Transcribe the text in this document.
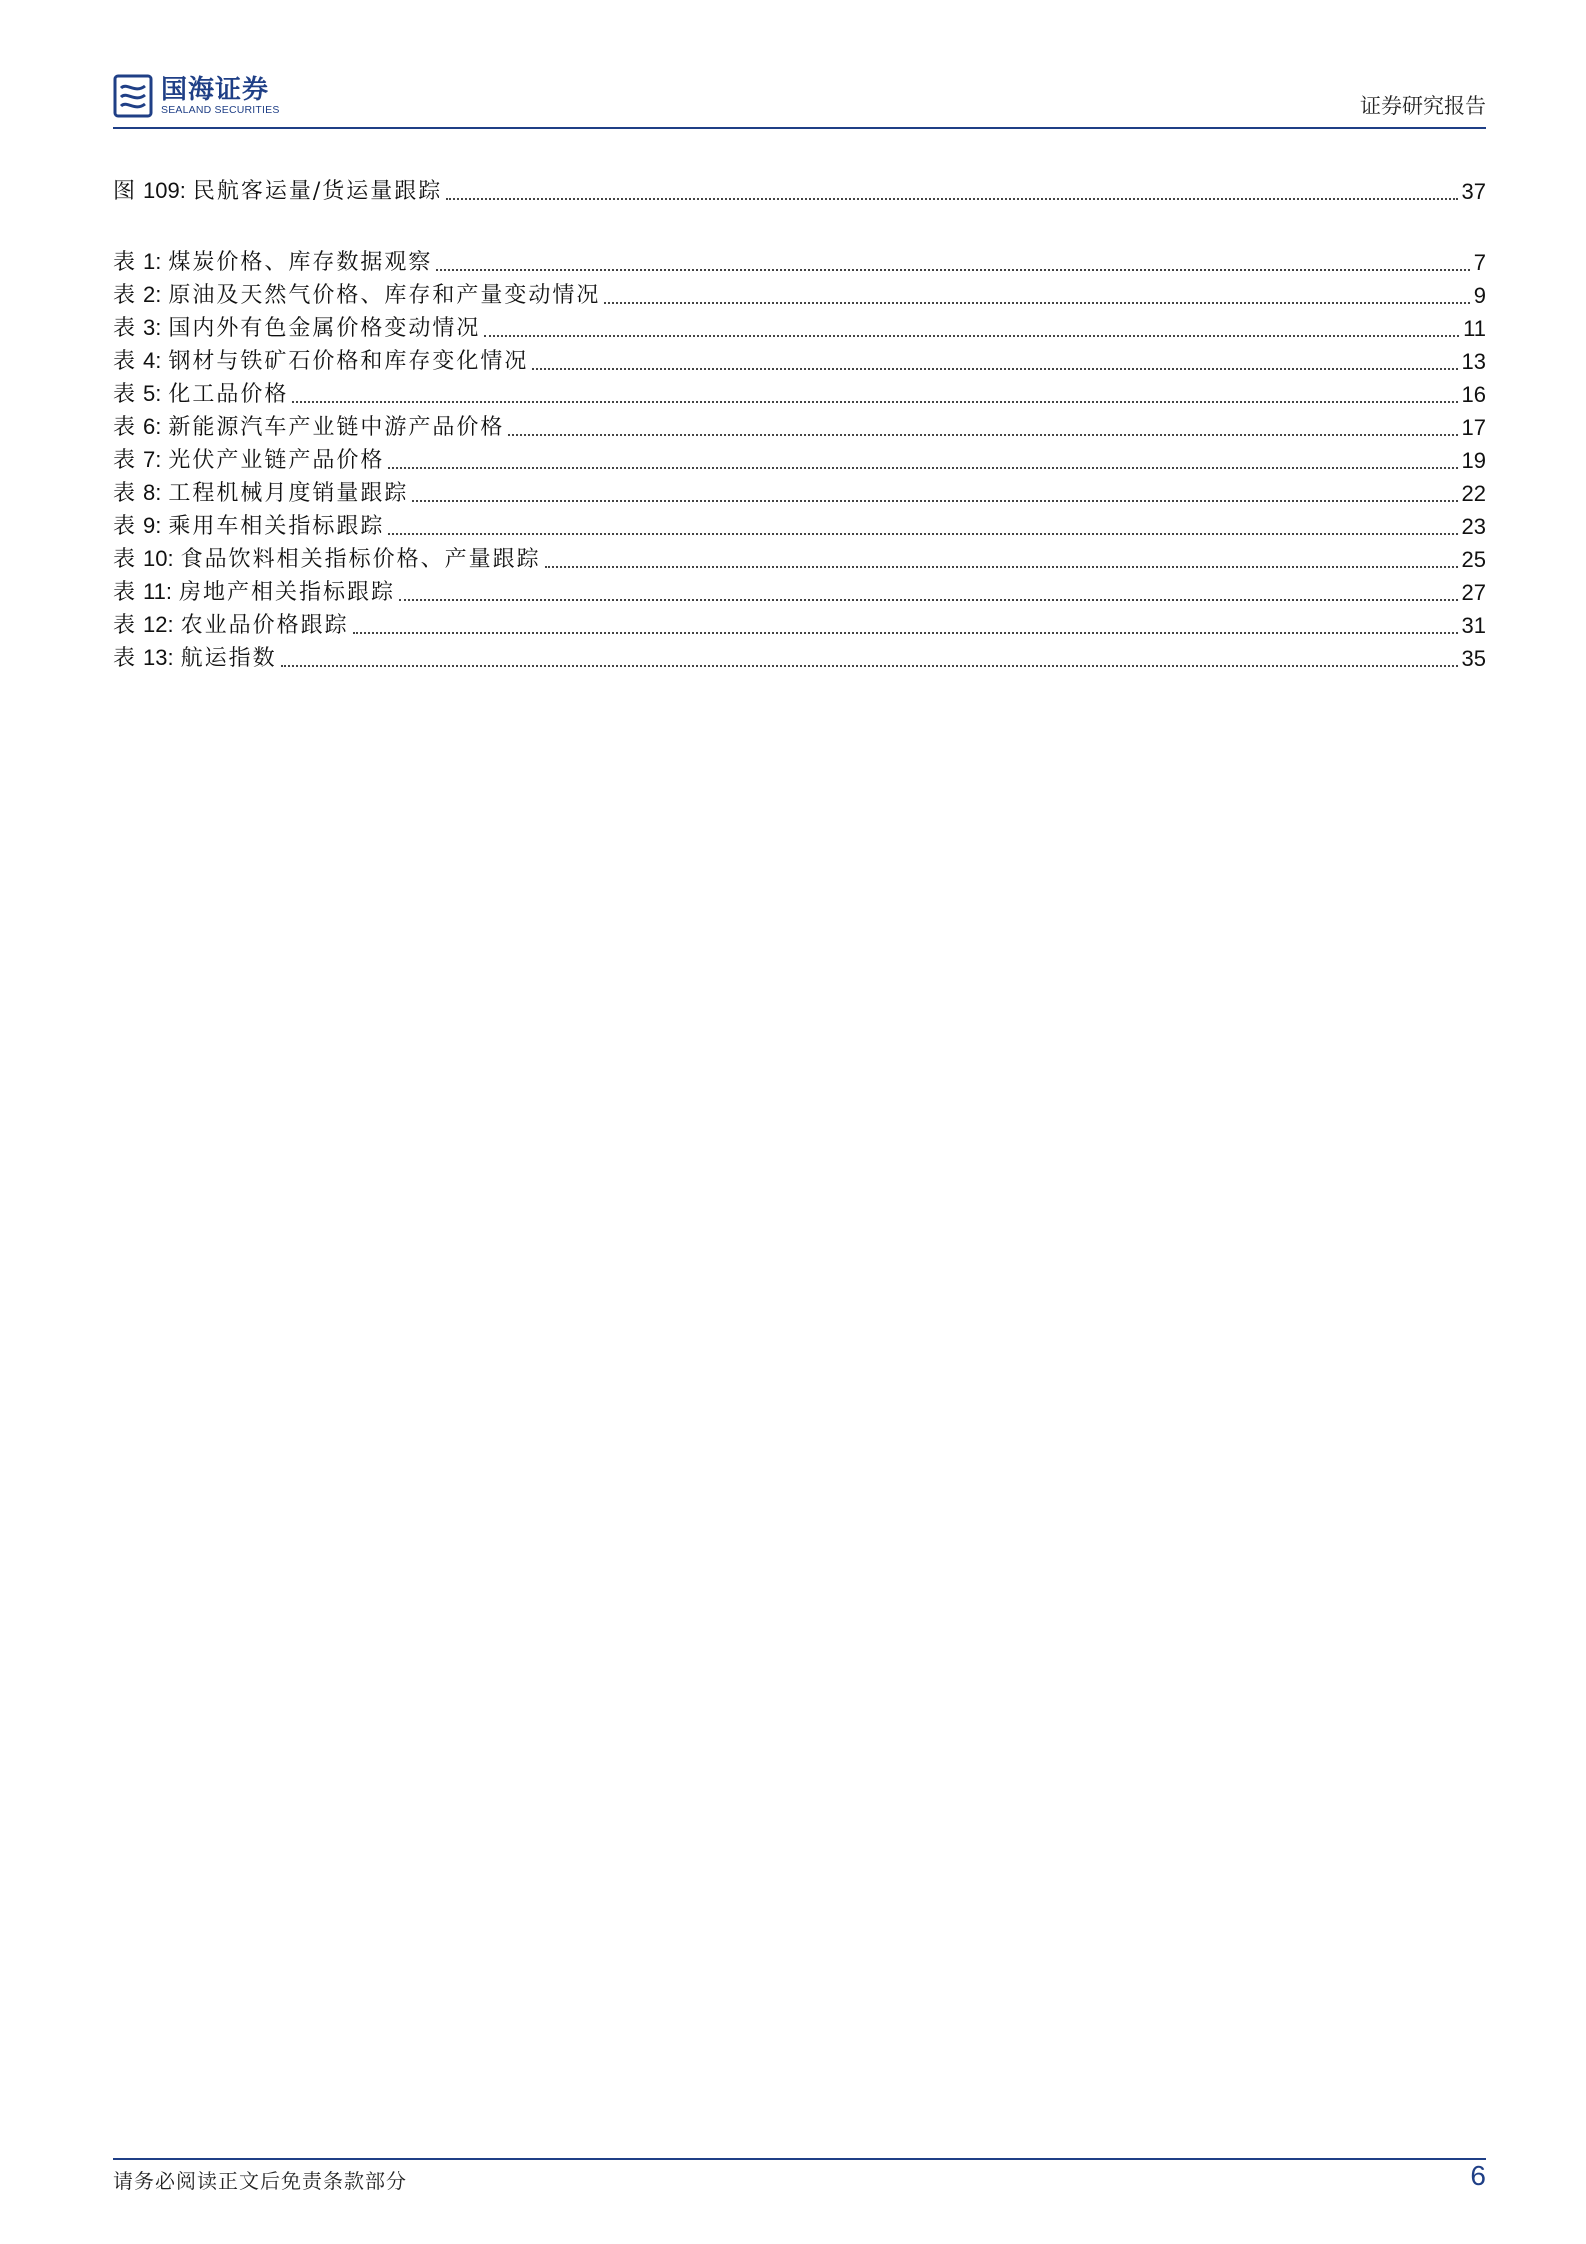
国海证券
SEALAND SECURITIES	证券研究报告
图 109: 民航客运量/货运量跟踪	37
表 1: 煤炭价格、库存数据观察	7
表 2: 原油及天然气价格、库存和产量变动情况	9
表 3: 国内外有色金属价格变动情况	11
表 4: 钢材与铁矿石价格和库存变化情况	13
表 5: 化工品价格	16
表 6: 新能源汽车产业链中游产品价格	17
表 7: 光伏产业链产品价格	19
表 8: 工程机械月度销量跟踪	22
表 9: 乘用车相关指标跟踪	23
表 10: 食品饮料相关指标价格、产量跟踪	25
表 11: 房地产相关指标跟踪	27
表 12: 农业品价格跟踪	31
表 13: 航运指数	35
请务必阅读正文后免责条款部分	6
